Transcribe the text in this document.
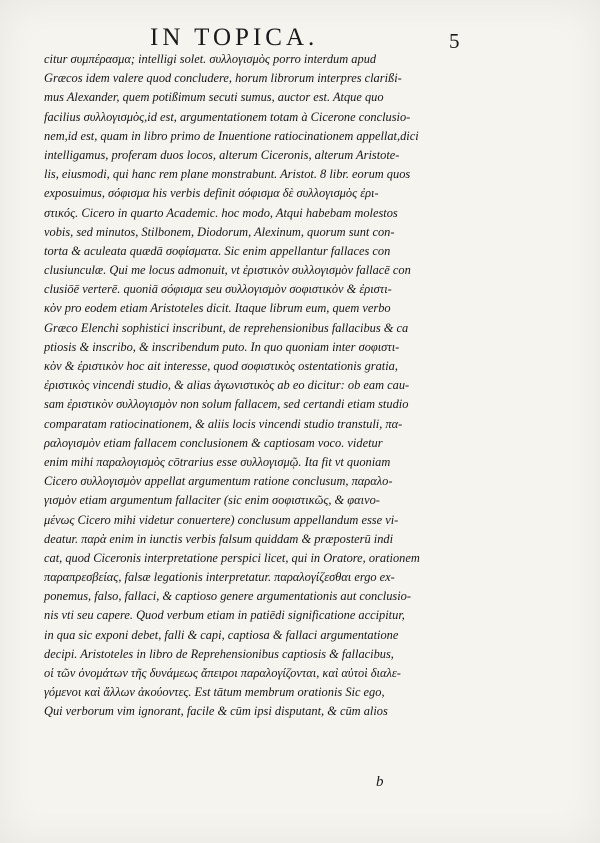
IN TOPICA.	5
citur συμπέρασμα; intelligi solet. συλλογισμὸς porro interdum apud
Græcos idem valere quod concludere, horum librorum interpres clarißi-
mus Alexander, quem potißimum secuti sumus, auctor est. Atque quo
facilius συλλογισμὸς,id est, argumentationem totam à Cicerone conclusio-
nem,id est, quam in libro primo de Inuentione ratiocinationem appellat,dici
intelligamus, proferam duos locos, alterum Ciceronis, alterum Aristote-
lis, eiusmodi, qui hanc rem plane monstrabunt. Aristot. 8 libr. eorum quos
exposuimus, σόφισμα his verbis definit σόφισμα δὲ συλλογισμὸς ἐρι-
στικός. Cicero in quarto Academic. hoc modo, Atqui habebam molestos
vobis, sed minutos, Stilbonem, Diodorum, Alexinum, quorum sunt con-
torta & aculeata quædā σοφίσματα. Sic enim appellantur fallaces con
clusiunculæ. Qui me locus admonuit, vt ἐριστικὸν συλλογισμὸν fallacē con
clusiōē verterē. quoniā σόφισμα seu συλλογισμὸν σοφιστικὸν & ἐριστι-
κὸν pro eodem etiam Aristoteles dicit. Itaque librum eum, quem verbo
Græco Elenchi sophistici inscribunt, de reprehensionibus fallacibus & ca
ptiosis & inscribo, & inscribendum puto. In quo quoniam inter σοφιστι-
κὸν & ἐριστικὸν hoc ait interesse, quod σοφιστικὸς ostentationis gratia,
ἐριστικὸς vincendi studio, & alias ἀγωνιστικὸς ab eo dicitur: ob eam cau-
sam ἐριστικὸν συλλογισμὸν non solum fallacem, sed certandi etiam studio
comparatam ratiocinationem, & aliis locis vincendi studio transtuli, πα-
ραλογισμὸν etiam fallacem conclusionem & captiosam voco. videtur
enim mihi παραλογισμὸς cōtrarius esse συλλογισμῷ. Ita fit vt quoniam
Cicero συλλογισμὸν appellat argumentum ratione conclusum, παραλο-
γισμὸν etiam argumentum fallaciter (sic enim σοφιστικῶς, & φαινο-
μένως Cicero mihi videtur conuertere) conclusum appellandum esse vi-
deatur. παρὰ enim in iunctis verbis falsum quiddam & præposterū indi
cat, quod Ciceronis interpretatione perspici licet, qui in Oratore, orationem
παραπρεσβείας, falsæ legationis interpretatur. παραλογίζεσθαι ergo ex-
ponemus, falso, fallaci, & captioso genere argumentationis aut conclusio-
nis vti seu capere. Quod verbum etiam in patiēdi significatione accipitur,
in qua sic exponi debet, falli & capi, captiosa & fallaci argumentatione
decipi. Aristoteles in libro de Reprehensionibus captiosis & fallacibus,
οἱ τῶν ὀνομάτων τῆς δυνάμεως ἄπειροι παραλογίζονται, καὶ αὐτοὶ διαλε-
γόμενοι καὶ ἄλλων ἀκούοντες. Est tātum membrum orationis Sic ego,
Qui verborum vim ignorant, facile & cūm ipsi disputant, & cūm alios
b
